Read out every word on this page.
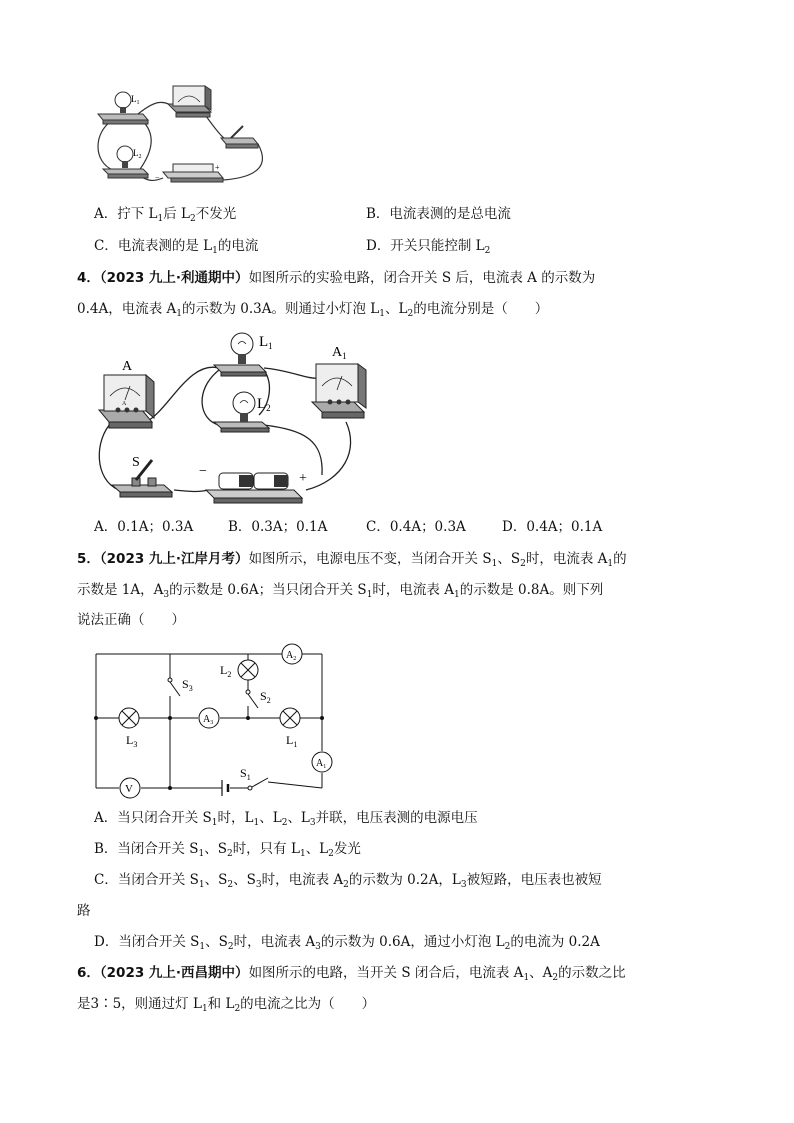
−
+
$L_1$
$L_2$
A．拧下 $L_1$后 $L_2$不发光	B．电流表测的是总电流
C．电流表测的是 $L_1$的电流	D．开关只能控制 $L_2$
4．（2023 九上·利通期中）如图所示的实验电路，闭合开关 S 后，电流表 A 的示数为
0.4A，电流表 $A_1$的示数为 0.3A。则通过小灯泡 $L_1$、$L_2$的电流分别是（　　）
A
A
$L_1$
$L_2$
$A_1$
S
−	+
A．0.1A；0.3A	B．0.3A；0.1A	C．0.4A；0.3A	D．0.4A；0.1A
5．（2023 九上·江岸月考）如图所示，电源电压不变，当闭合开关 $S_1$、$S_2$时，电流表 $A_1$的
示数是 1A，$A_3$的示数是 0.6A；当只闭合开关 $S_1$时，电流表 $A_1$的示数是 0.8A。则下列
说法正确（　　）
$S_3$
$L_2$
$S_2$
$A_2$
$L_3$
$A_3$
$L_1$
$A_1$
V
$S_1$
A．当只闭合开关 $S_1$时，$L_1$、$L_2$、$L_3$并联，电压表测的电源电压
B．当闭合开关 $S_1$、$S_2$时，只有 $L_1$、$L_2$发光
C．当闭合开关 $S_1$、$S_2$、$S_3$时，电流表 $A_2$的示数为 0.2A，$L_3$被短路，电压表也被短
路
D．当闭合开关 $S_1$、$S_2$时，电流表 $A_3$的示数为 0.6A，通过小灯泡 $L_2$的电流为 0.2A
6．（2023 九上·西昌期中）如图所示的电路，当开关 S 闭合后，电流表 $A_1$、$A_2$的示数之比
是3∶5，则通过灯 $L_1$和 $L_2$的电流之比为（　　）
